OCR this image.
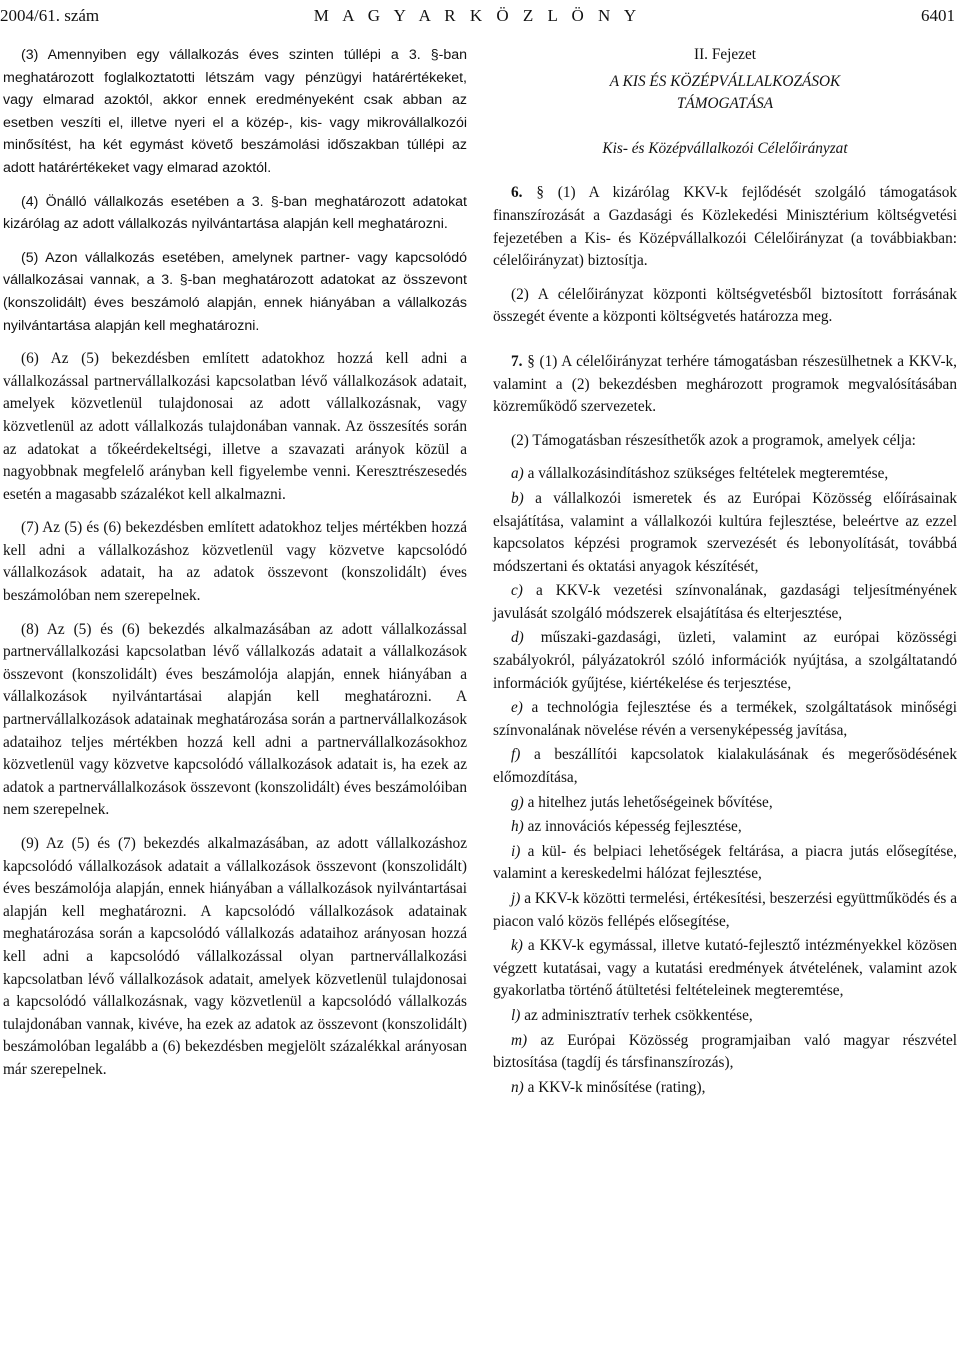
2004/61. szám	M A G Y A R K Ö Z L Ö N Y	6401

(3) Amennyiben egy vállalkozás éves szinten túllépi a 3. §-ban meghatározott foglalkoztatotti létszám vagy pénzügyi határértékeket, vagy elmarad azoktól, akkor ennek eredményeként csak abban az esetben veszíti el, illetve nyeri el a közép-, kis- vagy mikrovállalkozói minősítést, ha két egymást követő beszámolási időszakban túllépi az adott határértékeket vagy elmarad azoktól.

(4) Önálló vállalkozás esetében a 3. §-ban meghatározott adatokat kizárólag az adott vállalkozás nyilvántartása alapján kell meghatározni.

(5) Azon vállalkozás esetében, amelynek partner- vagy kapcsolódó vállalkozásai vannak, a 3. §-ban meghatározott adatokat az összevont (konszolidált) éves beszámoló alapján, ennek hiányában a vállalkozás nyilvántartása alapján kell meghatározni.

(6) Az (5) bekezdésben említett adatokhoz hozzá kell adni a vállalkozással partnervállalkozási kapcsolatban lévő vállalkozások adatait, amelyek közvetlenül tulajdonosai az adott vállalkozásnak, vagy közvetlenül az adott vállalkozás tulajdonában vannak. Az összesítés során az adatokat a tőkeérdekeltségi, illetve a szavazati arányok közül a nagyobbnak megfelelő arányban kell figyelembe venni. Keresztrészesedés esetén a magasabb százalékot kell alkalmazni.

(7) Az (5) és (6) bekezdésben említett adatokhoz teljes mértékben hozzá kell adni a vállalkozáshoz közvetlenül vagy közvetve kapcsolódó vállalkozások adatait, ha az adatok összevont (konszolidált) éves beszámolóban nem szerepelnek.

(8) Az (5) és (6) bekezdés alkalmazásában az adott vállalkozással partnervállalkozási kapcsolatban lévő vállalkozás adatait a vállalkozások összevont (konszolidált) éves beszámolója alapján, ennek hiányában a vállalkozások nyilvántartásai alapján kell meghatározni. A partnervállalkozások adatainak meghatározása során a partnervállalkozások adataihoz teljes mértékben hozzá kell adni a partnervállalkozásokhoz közvetlenül vagy közvetve kapcsolódó vállalkozások adatait is, ha ezek az adatok a partnervállalkozások összevont (konszolidált) éves beszámolóiban nem szerepelnek.

(9) Az (5) és (7) bekezdés alkalmazásában, az adott vállalkozáshoz kapcsolódó vállalkozások adatait a vállalkozások összevont (konszolidált) éves beszámolója alapján, ennek hiányában a vállalkozások nyilvántartásai alapján kell meghatározni. A kapcsolódó vállalkozások adatainak meghatározása során a kapcsolódó vállalkozás adataihoz arányosan hozzá kell adni a kapcsolódó vállalkozással olyan partnervállalkozási kapcsolatban lévő vállalkozások adatait, amelyek közvetlenül tulajdonosai a kapcsolódó vállalkozásnak, vagy közvetlenül a kapcsolódó vállalkozás tulajdonában vannak, kivéve, ha ezek az adatok az összevont (konszolidált) beszámolóban legalább a (6) bekezdésben megjelölt százalékkal arányosan már szerepelnek.

II. Fejezet
A KIS ÉS KÖZÉPVÁLLALKOZÁSOK
TÁMOGATÁSA
Kis- és Középvállalkozói Célelőirányzat

6. § (1) A kizárólag KKV-k fejlődését szolgáló támogatások finanszírozását a Gazdasági és Közlekedési Minisztérium költségvetési fejezetében a Kis- és Középvállalkozói Célelőirányzat (a továbbiakban: célelőirányzat) biztosítja.

(2) A célelőirányzat központi költségvetésből biztosított forrásának összegét évente a központi költségvetés határozza meg.

7. § (1) A célelőirányzat terhére támogatásban részesülhetnek a KKV-k, valamint a (2) bekezdésben meghározott programok megvalósításában közreműködő szervezetek.

(2) Támogatásban részesíthetők azok a programok, amelyek célja:

a) a vállalkozásindításhoz szükséges feltételek megteremtése,

b) a vállalkozói ismeretek és az Európai Közösség előírásainak elsajátítása, valamint a vállalkozói kultúra fejlesztése, beleértve az ezzel kapcsolatos képzési programok szervezését és lebonyolítását, továbbá módszertani és oktatási anyagok készítését,

c) a KKV-k vezetési színvonalának, gazdasági teljesítményének javulását szolgáló módszerek elsajátítása és elterjesztése,

d) műszaki-gazdasági, üzleti, valamint az európai közösségi szabályokról, pályázatokról szóló információk nyújtása, a szolgáltatandó információk gyűjtése, kiértékelése és terjesztése,

e) a technológia fejlesztése és a termékek, szolgáltatások minőségi színvonalának növelése révén a versenyképesség javítása,

f) a beszállítói kapcsolatok kialakulásának és megerősödésének előmozdítása,

g) a hitelhez jutás lehetőségeinek bővítése,

h) az innovációs képesség fejlesztése,

i) a kül- és belpiaci lehetőségek feltárása, a piacra jutás elősegítése, valamint a kereskedelmi hálózat fejlesztése,

j) a KKV-k közötti termelési, értékesítési, beszerzési együttműködés és a piacon való közös fellépés elősegítése,

k) a KKV-k egymással, illetve kutató-fejlesztő intézményekkel közösen végzett kutatásai, vagy a kutatási eredmények átvételének, valamint azok gyakorlatba történő átültetési feltételeinek megteremtése,

l) az adminisztratív terhek csökkentése,

m) az Európai Közösség programjaiban való magyar részvétel biztosítása (tagdíj és társfinanszírozás),

n) a KKV-k minősítése (rating),
